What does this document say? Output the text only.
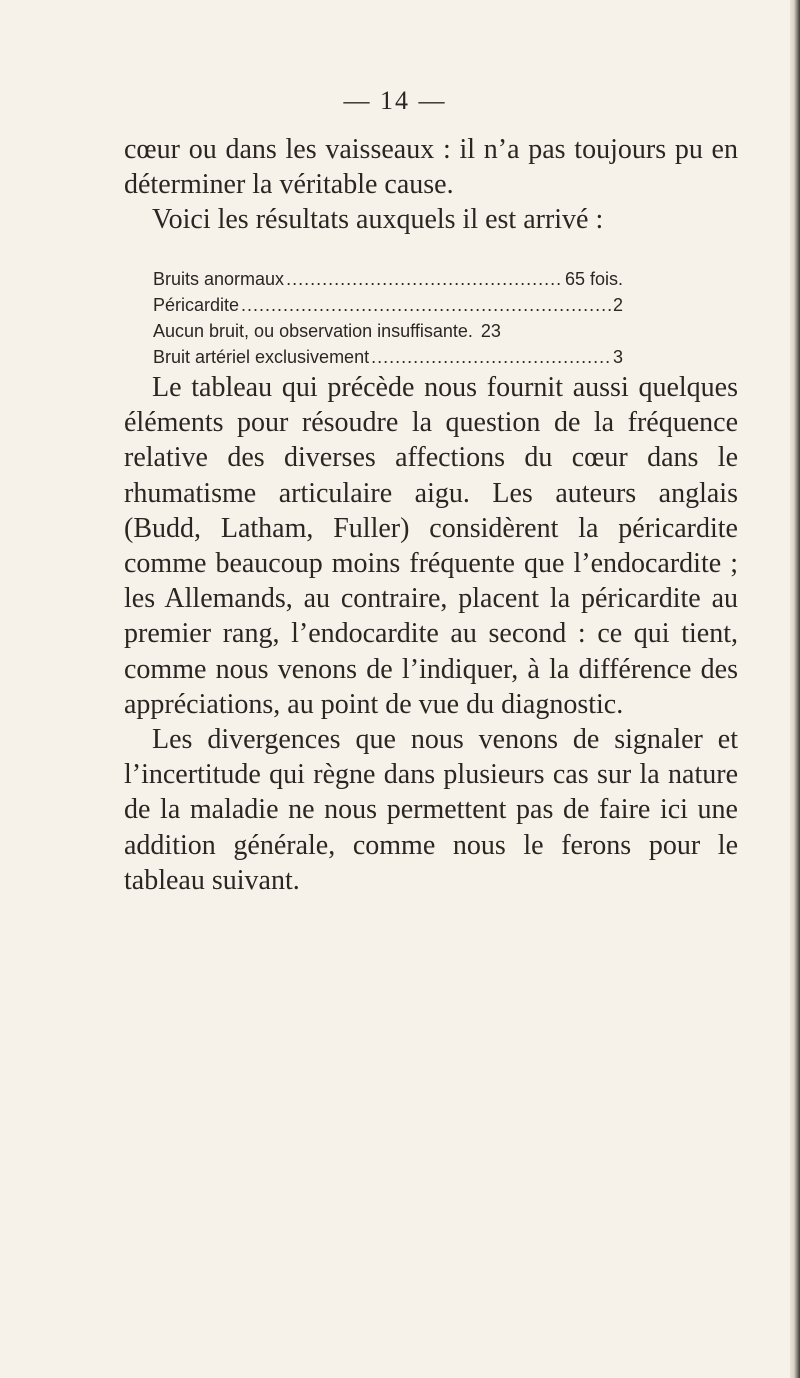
— 14 —

cœur ou dans les vaisseaux : il n’a pas toujours pu en déterminer la véritable cause.

Voici les résultats auxquels il est arrivé :

Bruits anormaux .....	65 fois.
Péricardite .....	2
Aucun bruit, ou observation insuffisante. 23
Bruit artériel exclusivement .....	3

Le tableau qui précède nous fournit aussi quelques éléments pour résoudre la question de la fréquence relative des diverses affections du cœur dans le rhumatisme articulaire aigu. Les auteurs anglais (Budd, Latham, Fuller) considèrent la péricardite comme beaucoup moins fréquente que l’endocardite ; les Allemands, au contraire, placent la péricardite au premier rang, l’endocardite au second : ce qui tient, comme nous venons de l’indiquer, à la différence des appréciations, au point de vue du diagnostic.

Les divergences que nous venons de signaler et l’incertitude qui règne dans plusieurs cas sur la nature de la maladie ne nous permettent pas de faire ici une addition générale, comme nous le ferons pour le tableau suivant.
